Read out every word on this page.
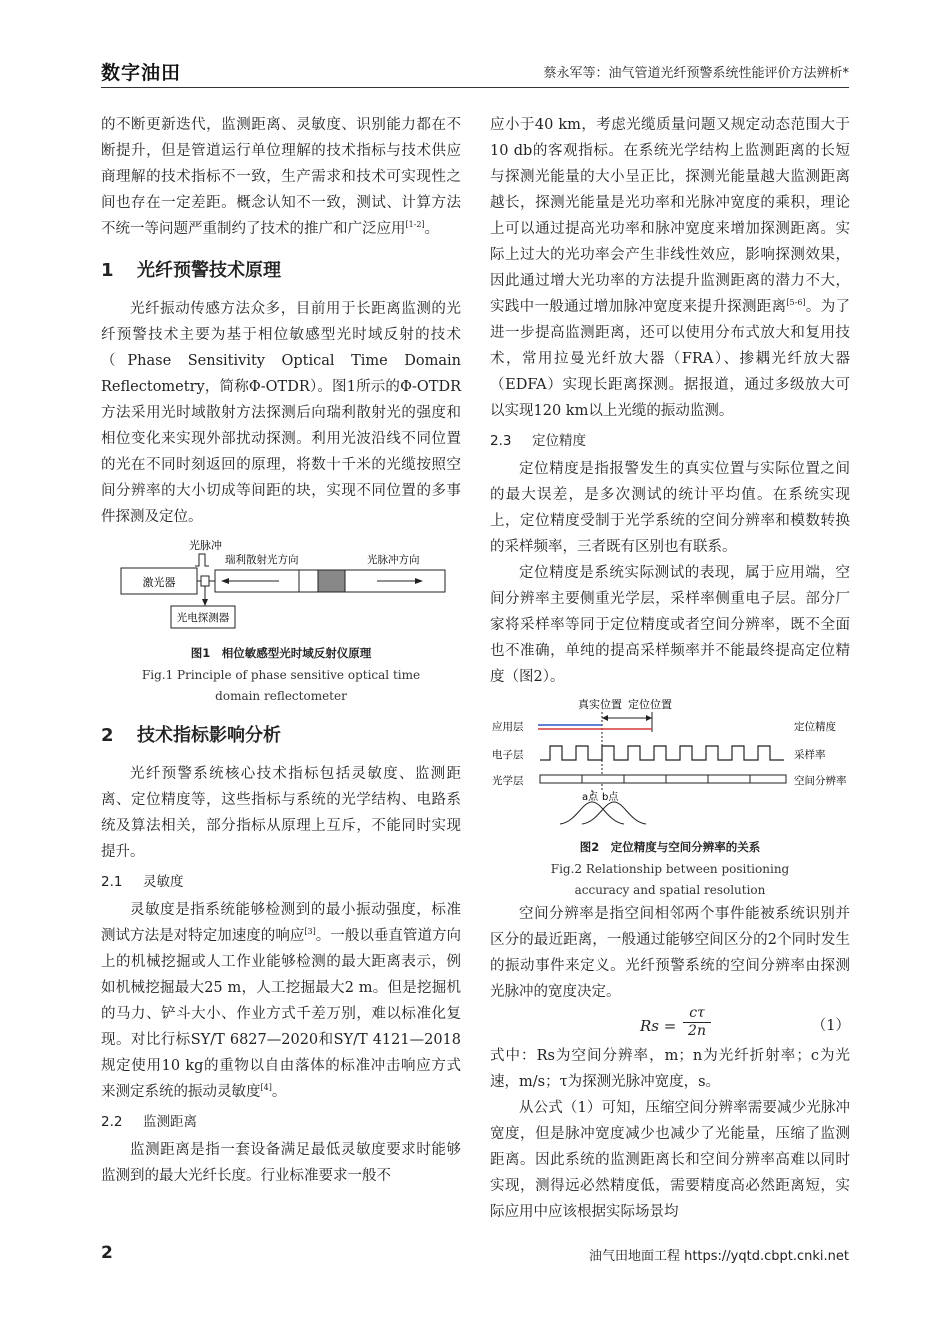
数字油田	蔡永军等：油气管道光纤预警系统性能评价方法辨析*

的不断更新迭代，监测距离、灵敏度、识别能力都在不断提升，但是管道运行单位理解的技术指标与技术供应商理解的技术指标不一致，生产需求和技术可实现性之间也存在一定差距。概念认知不一致，测试、计算方法不统一等问题严重制约了技术的推广和广泛应用[1-2]。

1 光纤预警技术原理

光纤振动传感方法众多，目前用于长距离监测的光纤预警技术主要为基于相位敏感型光时域反射的技术（Phase Sensitivity Optical Time Domain Reflectometry，简称Φ-OTDR）。图1所示的Φ-OTDR方法采用光时域散射方法探测后向瑞利散射光的强度和相位变化来实现外部扰动探测。利用光波沿线不同位置的光在不同时刻返回的原理，将数十千米的光缆按照空间分辨率的大小切成等间距的块，实现不同位置的多事件探测及定位。

光脉冲
瑞利散射光方向	光脉冲方向
激光器
光电探测器
图1　相位敏感型光时域反射仪原理
Fig.1 Principle of phase sensitive optical time
domain reflectometer
2 技术指标影响分析

光纤预警系统核心技术指标包括灵敏度、监测距离、定位精度等，这些指标与系统的光学结构、电路系统及算法相关，部分指标从原理上互斥，不能同时实现提升。

2.1 灵敏度

灵敏度是指系统能够检测到的最小振动强度，标准测试方法是对特定加速度的响应[3]。一般以垂直管道方向上的机械挖掘或人工作业能够检测的最大距离表示，例如机械挖掘最大25 m，人工挖掘最大2 m。但是挖掘机的马力、铲斗大小、作业方式千差万别，难以标准化复现。对比行标SY/T 6827—2020和SY/T 4121—2018规定使用10 kg的重物以自由落体的标准冲击响应方式来测定系统的振动灵敏度[4]。

2.2 监测距离

监测距离是指一套设备满足最低灵敏度要求时能够监测到的最大光纤长度。行业标准要求一般不

应小于40 km，考虑光缆质量问题又规定动态范围大于10 db的客观指标。在系统光学结构上监测距离的长短与探测光能量的大小呈正比，探测光能量越大监测距离越长，探测光能量是光功率和光脉冲宽度的乘积，理论上可以通过提高光功率和脉冲宽度来增加探测距离。实际上过大的光功率会产生非线性效应，影响探测效果，因此通过增大光功率的方法提升监测距离的潜力不大，实践中一般通过增加脉冲宽度来提升探测距离[5-6]。为了进一步提高监测距离，还可以使用分布式放大和复用技术，常用拉曼光纤放大器（FRA）、掺耦光纤放大器（EDFA）实现长距离探测。据报道，通过多级放大可以实现120 km以上光缆的振动监测。

2.3 定位精度

定位精度是指报警发生的真实位置与实际位置之间的最大误差，是多次测试的统计平均值。在系统实现上，定位精度受制于光学系统的空间分辨率和模数转换的采样频率，三者既有区别也有联系。

定位精度是系统实际测试的表现，属于应用端，空间分辨率主要侧重光学层，采样率侧重电子层。部分厂家将采样率等同于定位精度或者空间分辨率，既不全面也不准确，单纯的提高采样频率并不能最终提高定位精度（图2）。

真实位置 定位位置
应用层	定位精度
电子层	采样率
光学层	空间分辨率
a点 b点
图2　定位精度与空间分辨率的关系
Fig.2 Relationship between positioning
accuracy and spatial resolution

空间分辨率是指空间相邻两个事件能被系统识别并区分的最近距离，一般通过能够空间区分的2个同时发生的振动事件来定义。光纤预警系统的空间分辨率由探测光脉冲的宽度决定。

Rs =
cτ
2n	（1）

式中：Rs为空间分辨率，m；n为光纤折射率；c为光速，m/s；τ为探测光脉冲宽度，s。

从公式（1）可知，压缩空间分辨率需要减少光脉冲宽度，但是脉冲宽度减少也减少了光能量，压缩了监测距离。因此系统的监测距离长和空间分辨率高难以同时实现，测得远必然精度低，需要精度高必然距离短，实际应用中应该根据实际场景均

2	油气田地面工程 https://yqtd.cbpt.cnki.net
